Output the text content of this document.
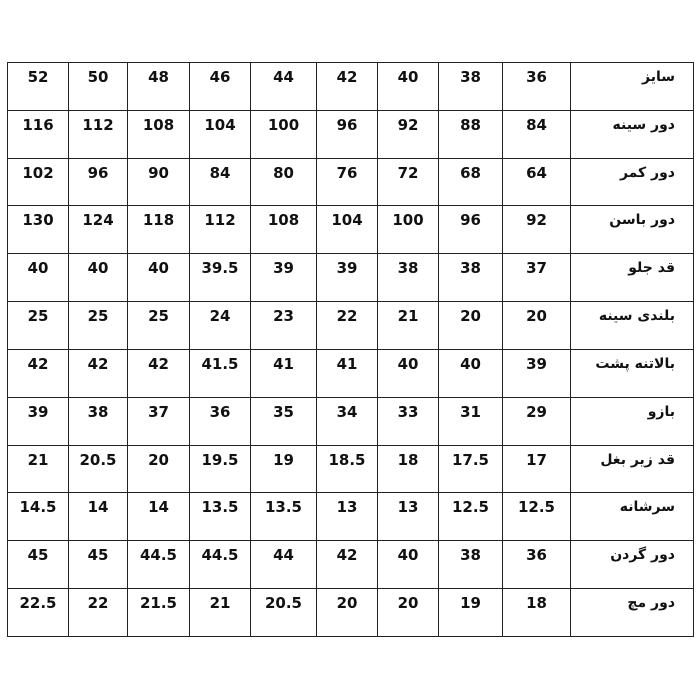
52	50	48	46	44	42	40	38	36	سایز
116	112	108	104	100	96	92	88	84	دور سینه
102	96	90	84	80	76	72	68	64	دور کمر
130	124	118	112	108	104	100	96	92	دور باسن
40	40	40	39.5	39	39	38	38	37	قد جلو
25	25	25	24	23	22	21	20	20	بلندی سینه
42	42	42	41.5	41	41	40	40	39	بالاتنه پشت
39	38	37	36	35	34	33	31	29	بازو
21	20.5	20	19.5	19	18.5	18	17.5	17	قد زیر بغل
14.5	14	14	13.5	13.5	13	13	12.5	12.5	سرشانه
45	45	44.5	44.5	44	42	40	38	36	دور گردن
22.5	22	21.5	21	20.5	20	20	19	18	دور مچ
